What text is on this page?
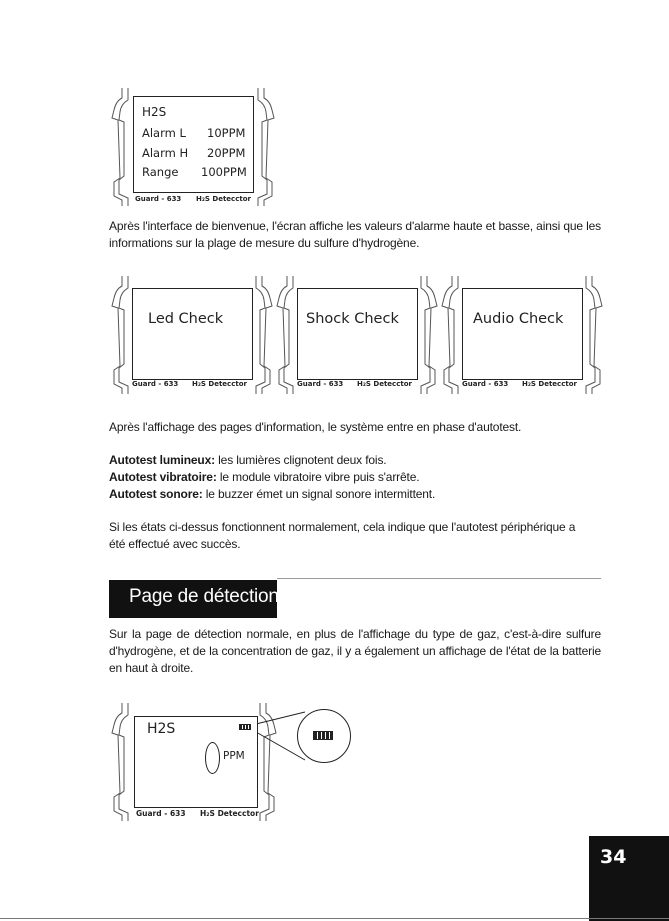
H2S
Alarm L 10PPM
Alarm H 20PPM
Range 100PPM
Guard - 633 H₂S Detecctor

Après l'interface de bienvenue, l'écran affiche les valeurs d'alarme haute et basse, ainsi que les informations sur la plage de mesure du sulfure d'hydrogène.

Led Check
Guard - 633 H₂S Detecctor
Shock Check
Guard - 633 H₂S Detecctor
Audio Check
Guard - 633 H₂S Detecctor

Après l'affichage des pages d'information, le système entre en phase d'autotest.

Autotest lumineux: les lumières clignotent deux fois.
Autotest vibratoire: le module vibratoire vibre puis s'arrête.
Autotest sonore: le buzzer émet un signal sonore intermittent.

Si les états ci-dessus fonctionnent normalement, cela indique que l'autotest périphérique a été effectué avec succès.

Page de détection

Sur la page de détection normale, en plus de l'affichage du type de gaz, c'est-à-dire sulfure d'hydrogène, et de la concentration de gaz, il y a également un affichage de l'état de la batterie en haut à droite.

H2S
PPM
Guard - 633 H₂S Detecctor
34
